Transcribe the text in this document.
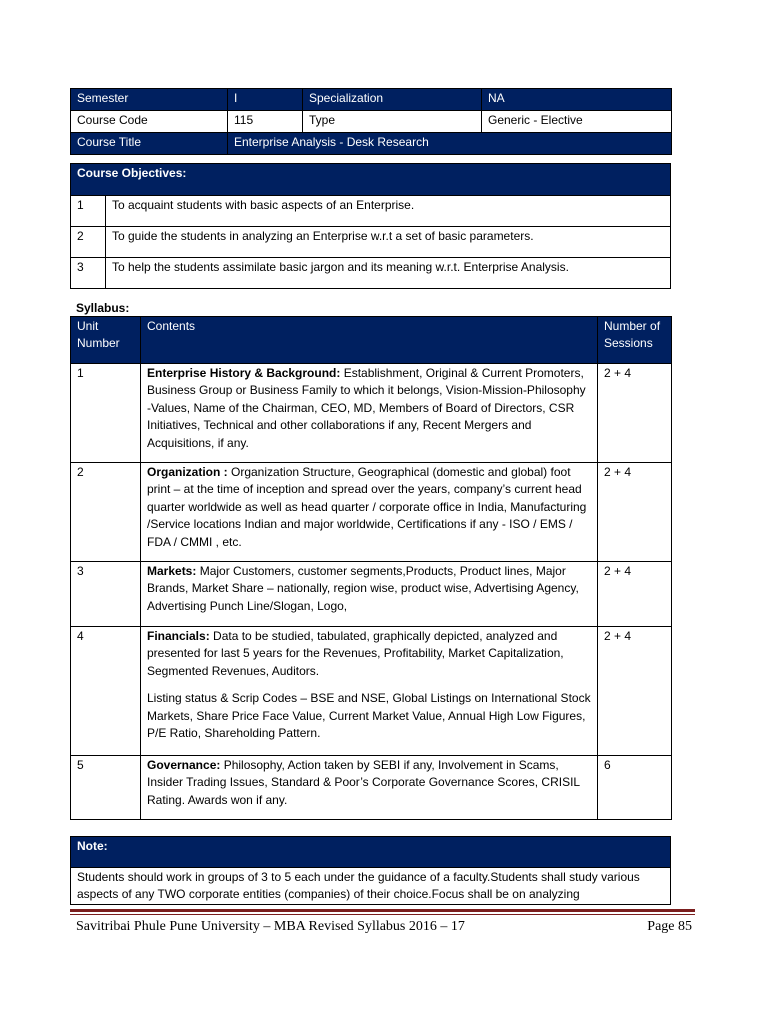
Semester	I	Specialization	NA
Course Code	115	Type	Generic - Elective
Course Title	Enterprise Analysis - Desk Research		
Course Objectives:	
1	To acquaint students with basic aspects of an Enterprise.
2	To guide the students in analyzing an Enterprise w.r.t a set of basic parameters.
3	To help the students assimilate basic jargon and its meaning w.r.t. Enterprise Analysis.
Syllabus:
Unit Number	Contents	Number of Sessions
1	Enterprise History & Background: Establishment, Original & Current Promoters, Business Group or Business Family to which it belongs, Vision-Mission-Philosophy -Values, Name of the Chairman, CEO, MD, Members of Board of Directors, CSR Initiatives, Technical and other collaborations if any, Recent Mergers and Acquisitions, if any.	2 + 4
2	Organization : Organization Structure, Geographical (domestic and global) foot print – at the time of inception and spread over the years, company’s current head quarter worldwide as well as head quarter / corporate office in India, Manufacturing /Service locations Indian and major worldwide, Certifications if any - ISO / EMS / FDA / CMMI , etc.	2 + 4
3	Markets: Major Customers, customer segments,Products, Product lines, Major Brands, Market Share – nationally, region wise, product wise, Advertising Agency, Advertising Punch Line/Slogan, Logo,	2 + 4
4	Financials: Data to be studied, tabulated, graphically depicted, analyzed and presented for last 5 years for the Revenues, Profitability, Market Capitalization, Segmented Revenues, Auditors.
Listing status & Scrip Codes – BSE and NSE, Global Listings on International Stock Markets, Share Price Face Value, Current Market Value, Annual High Low Figures, P/E Ratio, Shareholding Pattern.	2 + 4
5	Governance: Philosophy, Action taken by SEBI if any, Involvement in Scams, Insider Trading Issues, Standard & Poor’s Corporate Governance Scores, CRISIL Rating. Awards won if any.	6
Note:
Students should work in groups of 3 to 5 each under the guidance of a faculty.Students shall study various aspects of any TWO corporate entities (companies) of their choice.Focus shall be on analyzing
Savitribai Phule Pune University – MBA Revised Syllabus 2016 – 17	Page 85
